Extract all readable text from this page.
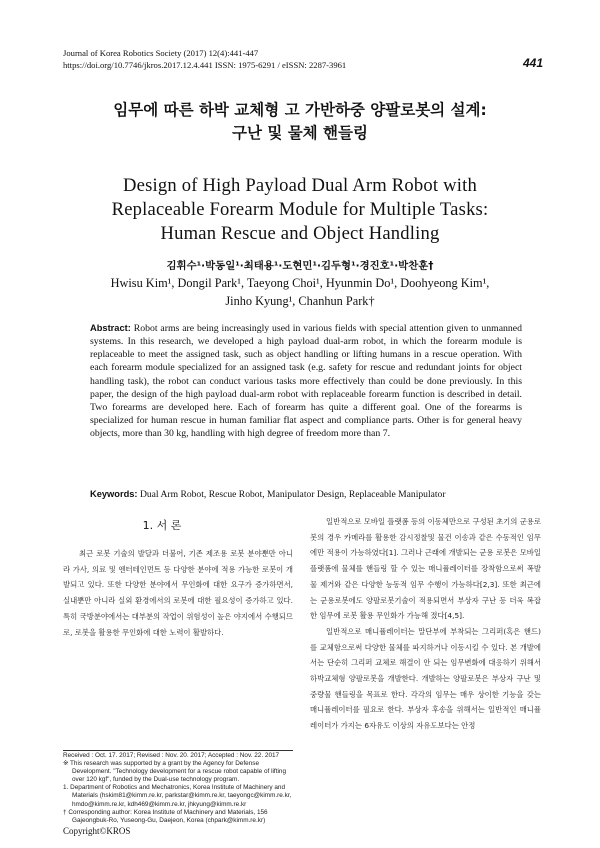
Journal of Korea Robotics Society (2017) 12(4):441-447
https://doi.org/10.7746/jkros.2017.12.4.441 ISSN: 1975-6291 / eISSN: 2287-3961	441
임무에 따른 하박 교체형 고 가반하중 양팔로봇의 설계:
구난 및 물체 핸들링
Design of High Payload Dual Arm Robot with
Replaceable Forearm Module for Multiple Tasks:
Human Rescue and Object Handling
김휘수¹·박동일¹·최태용¹·도현민¹·김두형¹·경진호¹·박찬훈†
Hwisu Kim¹, Dongil Park¹, Taeyong Choi¹, Hyunmin Do¹, Doohyeong Kim¹,
Jinho Kyung¹, Chanhun Park†
Abstract: Robot arms are being increasingly used in various fields with special attention given to unmanned systems. In this research, we developed a high payload dual-arm robot, in which the forearm module is replaceable to meet the assigned task, such as object handling or lifting humans in a rescue operation. With each forearm module specialized for an assigned task (e.g. safety for rescue and redundant joints for object handling task), the robot can conduct various tasks more effectively than could be done previously. In this paper, the design of the high payload dual-arm robot with replaceable forearm function is described in detail. Two forearms are developed here. Each of forearm has quite a different goal. One of the forearms is specialized for human rescue in human familiar flat aspect and compliance parts. Other is for general heavy objects, more than 30 kg, handling with high degree of freedom more than 7.
Keywords: Dual Arm Robot, Rescue Robot, Manipulator Design, Replaceable Manipulator
1. 서 론

최근 로봇 기술의 발달과 더불어, 기존 제조용 로봇 분야뿐만 아니라 가사, 의료 및 엔터테인먼트 등 다양한 분야에 적용 가능한 로봇이 개발되고 있다. 또한 다양한 분야에서 무인화에 대한 요구가 증가하면서, 실내뿐만 아니라 실외 환경에서의 로봇에 대한 필요성이 증가하고 있다. 특히 국방분야에서는 대부분의 작업이 위험성이 높은 야지에서 수행되므로, 로봇을 활용한 무인화에 대한 노력이 활발하다.

일반적으로 모바일 플랫폼 등의 이동체만으로 구성된 초기의 군용로봇의 경우 카메라를 활용한 감시정찰및 물건 이송과 같은 수동적인 임무에만 적용이 가능하였다[1]. 그러나 근래에 개발되는 군용 로봇은 모바일 플랫폼에 물체를 핸들링 할 수 있는 매니퓰레이터를 장착함으로써 폭발물 제거와 같은 다양한 능동적 임무 수행이 가능하다[2,3]. 또한 최근에는 군용로봇에도 양팔로봇기술이 적용되면서 부상자 구난 등 더욱 복잡한 임무에 로봇 활용 무인화가 가능해 졌다[4,5].

일반적으로 매니퓰레이터는 말단부에 부착되는 그리퍼(혹은 핸드)를 교체함으로써 다양한 물체를 파지하거나 이동시킬 수 있다. 본 개발에서는 단순히 그리퍼 교체로 해결이 안 되는 임무변화에 대응하기 위해서 하박교체형 양팔로봇을 개발한다. 개발하는 양팔로봇은 부상자 구난 및 중량물 핸들링을 목표로 한다. 각각의 임무는 매우 상이한 기능을 갖는 매니퓰레이터를 필요로 한다. 부상자 후송을 위해서는 일반적인 매니퓰레이터가 가지는 6자유도 이상의 자유도보다는 안정

Received : Oct. 17. 2017; Revised : Nov. 20. 2017; Accepted : Nov. 22. 2017
※ This research was supported by a grant by the Agency for Defense Development. "Technology development for a rescue robot capable of lifting over 120 kgf", funded by the Dual-use technology program.
1. Department of Robotics and Mechatronics, Korea Institute of Machinery and Materials (hskim81@kimm.re.kr, parkstar@kimm.re.kr, taeyongc@kimm.re.kr, hmdo@kimm.re.kr, kdh469@kimm.re.kr, jhkyung@kimm.re.kr
† Corresponding author: Korea Institute of Machinery and Materials, 156 Gajeongbuk-Ro, Yuseong-Gu, Daejeon, Korea (chpark@kimm.re.kr)
Copyright©KROS
